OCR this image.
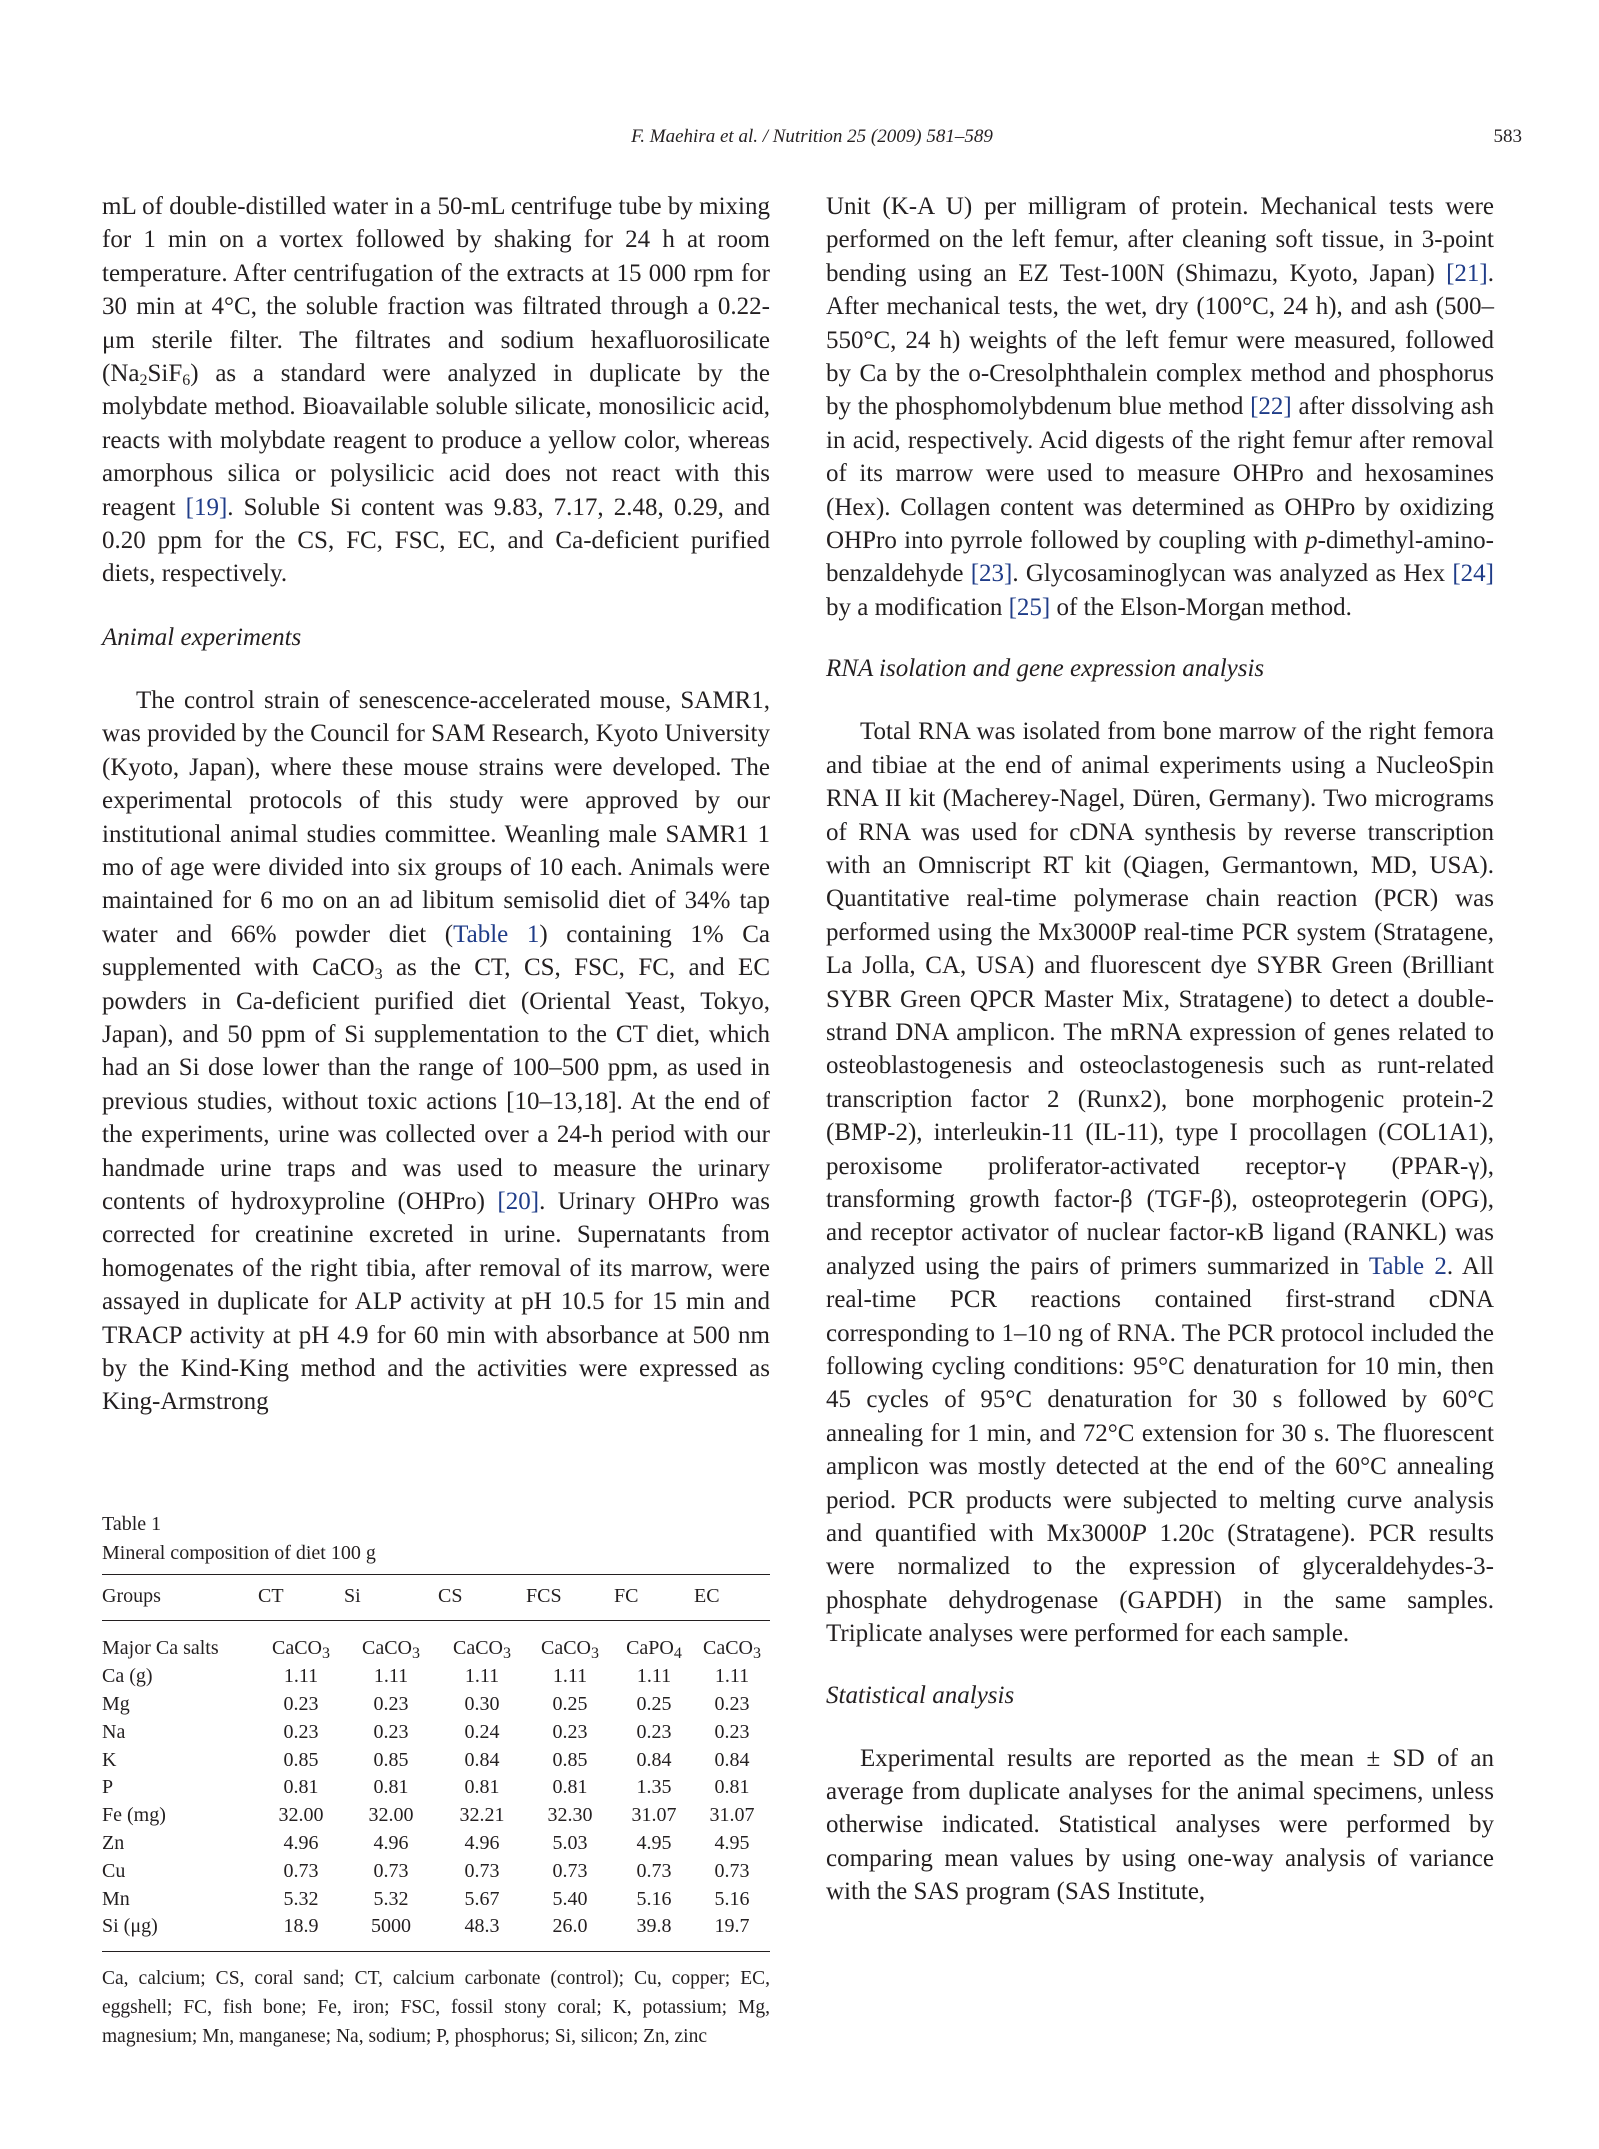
F. Maehira et al. / Nutrition 25 (2009) 581–589	583

mL of double-distilled water in a 50-mL centrifuge tube by mixing for 1 min on a vortex followed by shaking for 24 h at room temperature. After centrifugation of the extracts at 15 000 rpm for 30 min at 4°C, the soluble fraction was filtrated through a 0.22-μm sterile filter. The filtrates and sodium hexafluorosilicate $(Na_2SiF_6)$ as a standard were analyzed in duplicate by the molybdate method. Bioavailable soluble silicate, monosilicic acid, reacts with molybdate reagent to produce a yellow color, whereas amorphous silica or polysilicic acid does not react with this reagent [19]. Soluble Si content was 9.83, 7.17, 2.48, 0.29, and 0.20 ppm for the CS, FC, FSC, EC, and Ca-deficient purified diets, respectively.

Animal experiments

The control strain of senescence-accelerated mouse, SAMR1, was provided by the Council for SAM Research, Kyoto University (Kyoto, Japan), where these mouse strains were developed. The experimental protocols of this study were approved by our institutional animal studies committee. Weanling male SAMR1 1 mo of age were divided into six groups of 10 each. Animals were maintained for 6 mo on an ad libitum semisolid diet of 34% tap water and 66% powder diet (Table 1) containing 1% Ca supplemented with CaCO$_3$ as the CT, CS, FSC, FC, and EC powders in Ca-deficient purified diet (Oriental Yeast, Tokyo, Japan), and 50 ppm of Si supplementation to the CT diet, which had an Si dose lower than the range of 100–500 ppm, as used in previous studies, without toxic actions [10–13,18]. At the end of the experiments, urine was collected over a 24-h period with our handmade urine traps and was used to measure the urinary contents of hydroxyproline (OHPro) [20]. Urinary OHPro was corrected for creatinine excreted in urine. Supernatants from homogenates of the right tibia, after removal of its marrow, were assayed in duplicate for ALP activity at pH 10.5 for 15 min and TRACP activity at pH 4.9 for 60 min with absorbance at 500 nm by the Kind-King method and the activities were expressed as King-Armstrong

Table 1
Mineral composition of diet 100 g
Groups	CT	Si	CS	FCS	FC	EC
Major Ca salts	CaCO$_3$	CaCO$_3$	CaCO$_3$	CaCO$_3$	CaPO$_4$	CaCO$_3$
Ca (g)	1.11	1.11	1.11	1.11	1.11	1.11
Mg	0.23	0.23	0.30	0.25	0.25	0.23
Na	0.23	0.23	0.24	0.23	0.23	0.23
K	0.85	0.85	0.84	0.85	0.84	0.84
P	0.81	0.81	0.81	0.81	1.35	0.81
Fe (mg)	32.00	32.00	32.21	32.30	31.07	31.07
Zn	4.96	4.96	4.96	5.03	4.95	4.95
Cu	0.73	0.73	0.73	0.73	0.73	0.73
Mn	5.32	5.32	5.67	5.40	5.16	5.16
Si (μg)	18.9	5000	48.3	26.0	39.8	19.7
Ca, calcium; CS, coral sand; CT, calcium carbonate (control); Cu, copper; EC, eggshell; FC, fish bone; Fe, iron; FSC, fossil stony coral; K, potassium; Mg, magnesium; Mn, manganese; Na, sodium; P, phosphorus; Si, silicon; Zn, zinc

Unit (K-A U) per milligram of protein. Mechanical tests were performed on the left femur, after cleaning soft tissue, in 3-point bending using an EZ Test-100N (Shimazu, Kyoto, Japan) [21]. After mechanical tests, the wet, dry (100°C, 24 h), and ash (500–550°C, 24 h) weights of the left femur were measured, followed by Ca by the o-Cresolphthalein complex method and phosphorus by the phosphomolybdenum blue method [22] after dissolving ash in acid, respectively. Acid digests of the right femur after removal of its marrow were used to measure OHPro and hexosamines (Hex). Collagen content was determined as OHPro by oxidizing OHPro into pyrrole followed by coupling with p-dimethyl-amino-benzaldehyde [23]. Glycosaminoglycan was analyzed as Hex [24] by a modification [25] of the Elson-Morgan method.

RNA isolation and gene expression analysis

Total RNA was isolated from bone marrow of the right femora and tibiae at the end of animal experiments using a NucleoSpin RNA II kit (Macherey-Nagel, Düren, Germany). Two micrograms of RNA was used for cDNA synthesis by reverse transcription with an Omniscript RT kit (Qiagen, Germantown, MD, USA). Quantitative real-time polymerase chain reaction (PCR) was performed using the Mx3000P real-time PCR system (Stratagene, La Jolla, CA, USA) and fluorescent dye SYBR Green (Brilliant SYBR Green QPCR Master Mix, Stratagene) to detect a double-strand DNA amplicon. The mRNA expression of genes related to osteoblastogenesis and osteoclastogenesis such as runt-related transcription factor 2 (Runx2), bone morphogenic protein-2 (BMP-2), interleukin-11 (IL-11), type I procollagen (COL1A1), peroxisome proliferator-activated receptor-γ (PPAR-γ), transforming growth factor-β (TGF-β), osteoprotegerin (OPG), and receptor activator of nuclear factor-κB ligand (RANKL) was analyzed using the pairs of primers summarized in Table 2. All real-time PCR reactions contained first-strand cDNA corresponding to 1–10 ng of RNA. The PCR protocol included the following cycling conditions: 95°C denaturation for 10 min, then 45 cycles of 95°C denaturation for 30 s followed by 60°C annealing for 1 min, and 72°C extension for 30 s. The fluorescent amplicon was mostly detected at the end of the 60°C annealing period. PCR products were subjected to melting curve analysis and quantified with Mx3000P 1.20c (Stratagene). PCR results were normalized to the expression of glyceraldehydes-3-phosphate dehydrogenase (GAPDH) in the same samples. Triplicate analyses were performed for each sample.

Statistical analysis

Experimental results are reported as the mean ± SD of an average from duplicate analyses for the animal specimens, unless otherwise indicated. Statistical analyses were performed by comparing mean values by using one-way analysis of variance with the SAS program (SAS Institute,
